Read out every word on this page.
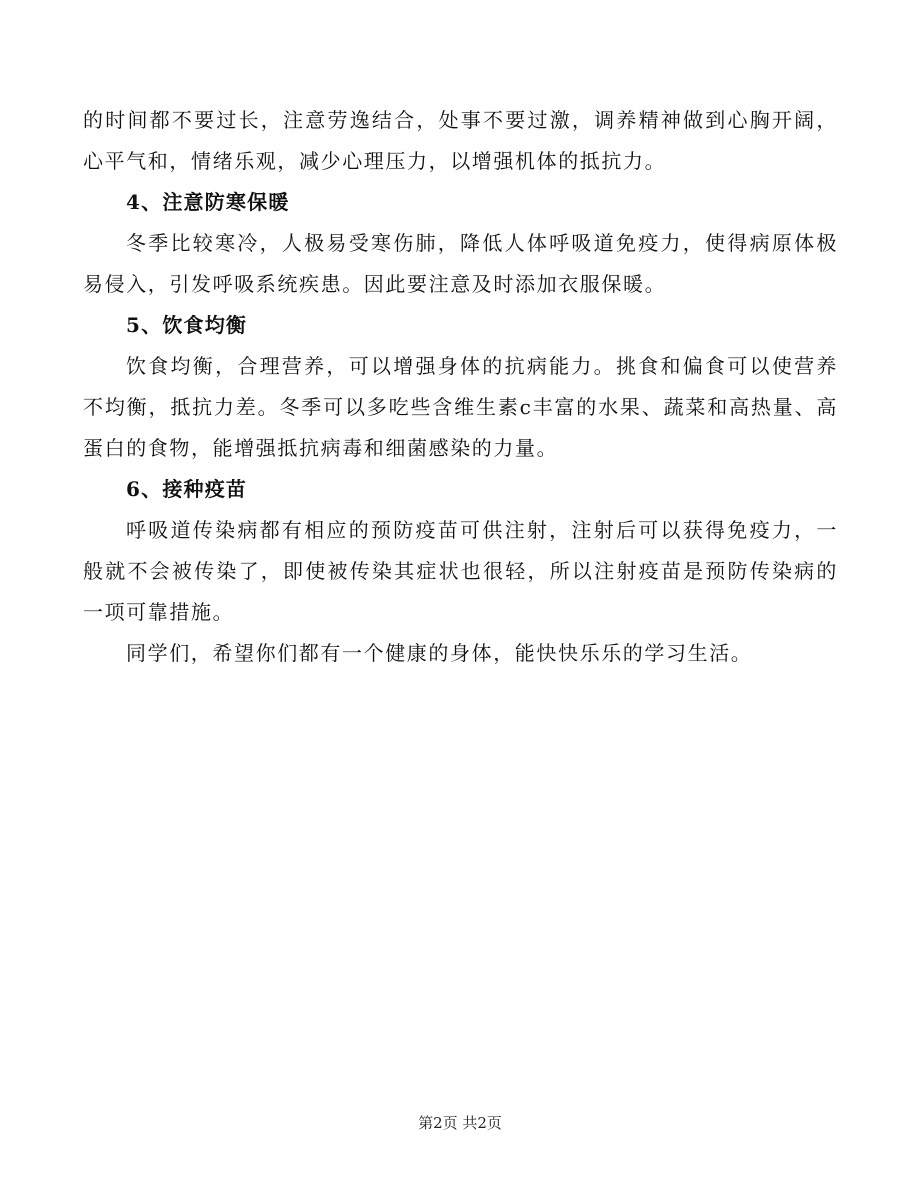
的时间都不要过长，注意劳逸结合，处事不要过激，调养精神做到心胸开阔，心平气和，情绪乐观，减少心理压力，以增强机体的抵抗力。

4、注意防寒保暖

冬季比较寒冷，人极易受寒伤肺，降低人体呼吸道免疫力，使得病原体极易侵入，引发呼吸系统疾患。因此要注意及时添加衣服保暖。

5、饮食均衡

饮食均衡，合理营养，可以增强身体的抗病能力。挑食和偏食可以使营养不均衡，抵抗力差。冬季可以多吃些含维生素c丰富的水果、蔬菜和高热量、高蛋白的食物，能增强抵抗病毒和细菌感染的力量。

6、接种疫苗

呼吸道传染病都有相应的预防疫苗可供注射，注射后可以获得免疫力，一般就不会被传染了，即使被传染其症状也很轻，所以注射疫苗是预防传染病的一项可靠措施。

同学们，希望你们都有一个健康的身体，能快快乐乐的学习生活。

第2页 共2页
